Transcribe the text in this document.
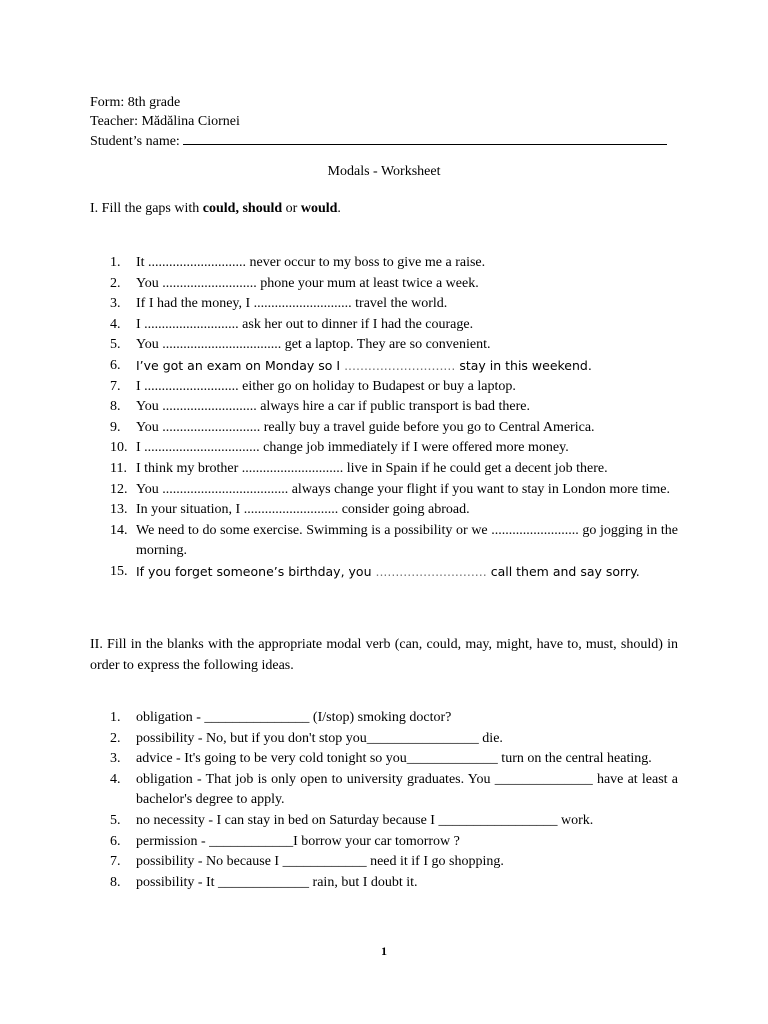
Form: 8th grade
Teacher: Mădălina Ciornei
Student’s name:
Modals - Worksheet
I. Fill the gaps with could, should or would.
1.	It ............................ never occur to my boss to give me a raise.
2.	You ........................... phone your mum at least twice a week.
3.	If I had the money, I ............................ travel the world.
4.	I ........................... ask her out to dinner if I had the courage.
5.	You .................................. get a laptop. They are so convenient.
6.	I’ve got an exam on Monday so I ............................ stay in this weekend.
7.	I ........................... either go on holiday to Budapest or buy a laptop.
8.	You ........................... always hire a car if public transport is bad there.
9.	You ............................ really buy a travel guide before you go to Central America.
10. I ................................. change job immediately if I were offered more money.
11. I think my brother ............................. live in Spain if he could get a decent job there.
12. You .................................... always change your flight if you want to stay in London more time.
13. In your situation, I ........................... consider going abroad.
14. We need to do some exercise. Swimming is a possibility or we ......................... go jogging in the morning.
15. If you forget someone’s birthday, you ............................ call them and say sorry.
II. Fill in the blanks with the appropriate modal verb (can, could, may, might, have to, must, should) in order to express the following ideas.
1.	obligation - _______________ (I/stop) smoking doctor?
2.	possibility - No, but if you don't stop you________________ die.
3.	advice - It's going to be very cold tonight so you_____________ turn on the central heating.
4.	obligation - That job is only open to university graduates. You ______________ have at least a bachelor's degree to apply.
5.	no necessity - I can stay in bed on Saturday because I _________________ work.
6.	permission - ____________I borrow your car tomorrow ?
7.	possibility - No because I ____________ need it if I go shopping.
8.	possibility - It _____________ rain, but I doubt it.
1
